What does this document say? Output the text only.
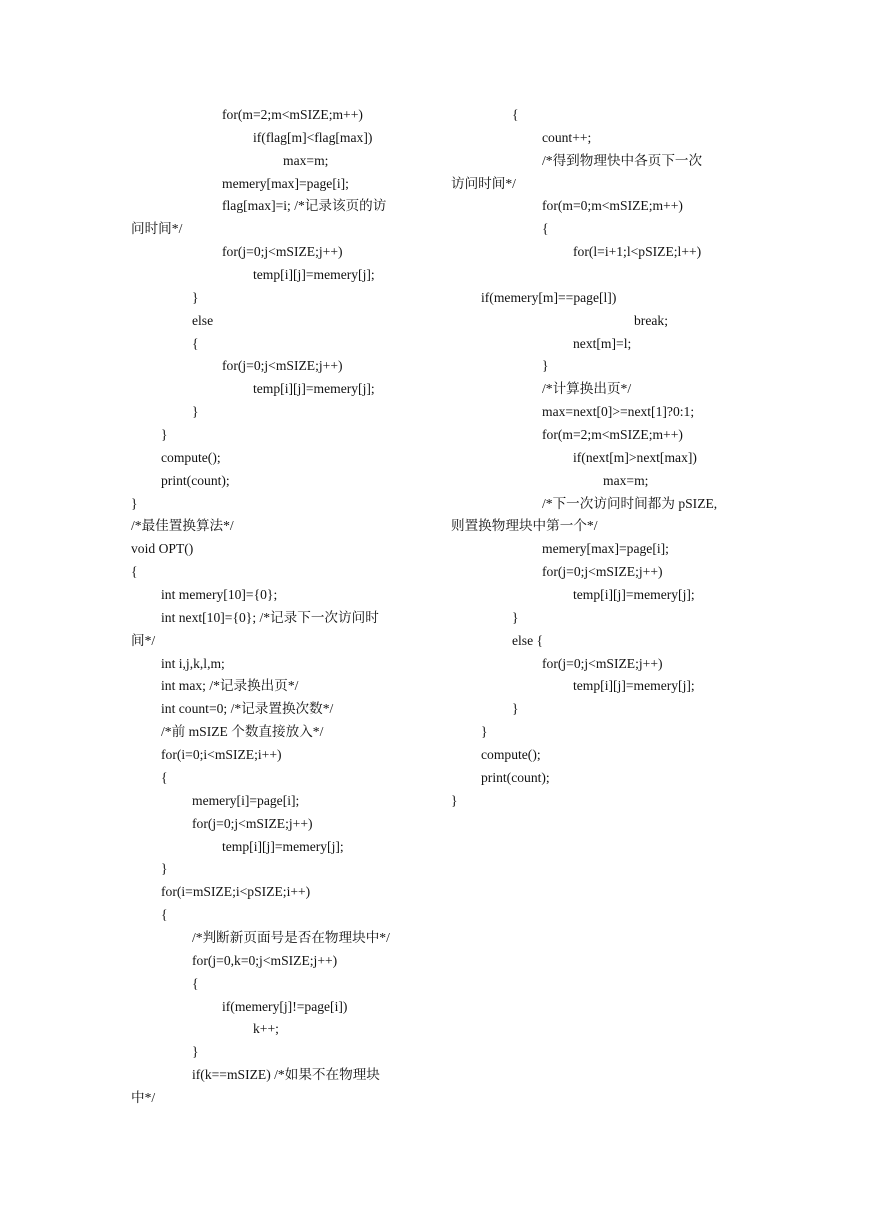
for(m=2;m<mSIZE;m++)
if(flag[m]<flag[max])
max=m;
memery[max]=page[i];
flag[max]=i; /*记录该页的访
问时间*/
for(j=0;j<mSIZE;j++)
temp[i][j]=memery[j];
}
else
{
for(j=0;j<mSIZE;j++)
temp[i][j]=memery[j];
}
}
compute();
print(count);
}
/*最佳置换算法*/
void OPT()
{
int memery[10]={0};
int next[10]={0}; /*记录下一次访问时
间*/
int i,j,k,l,m;
int max; /*记录换出页*/
int count=0; /*记录置换次数*/
/*前 mSIZE 个数直接放入*/
for(i=0;i<mSIZE;i++)
{
memery[i]=page[i];
for(j=0;j<mSIZE;j++)
temp[i][j]=memery[j];
}
for(i=mSIZE;i<pSIZE;i++)
{
/*判断新页面号是否在物理块中*/
for(j=0,k=0;j<mSIZE;j++)
{
if(memery[j]!=page[i])
k++;
}
if(k==mSIZE) /*如果不在物理块
中*/
{
count++;
/*得到物理快中各页下一次
访问时间*/
for(m=0;m<mSIZE;m++)
{
for(l=i+1;l<pSIZE;l++)
if(memery[m]==page[l])
break;
next[m]=l;
}
/*计算换出页*/
max=next[0]>=next[1]?0:1;
for(m=2;m<mSIZE;m++)
if(next[m]>next[max])
max=m;
/*下一次访问时间都为 pSIZE,
则置换物理块中第一个*/
memery[max]=page[i];
for(j=0;j<mSIZE;j++)
temp[i][j]=memery[j];
}
else {
for(j=0;j<mSIZE;j++)
temp[i][j]=memery[j];
}
}
compute();
print(count);
}
